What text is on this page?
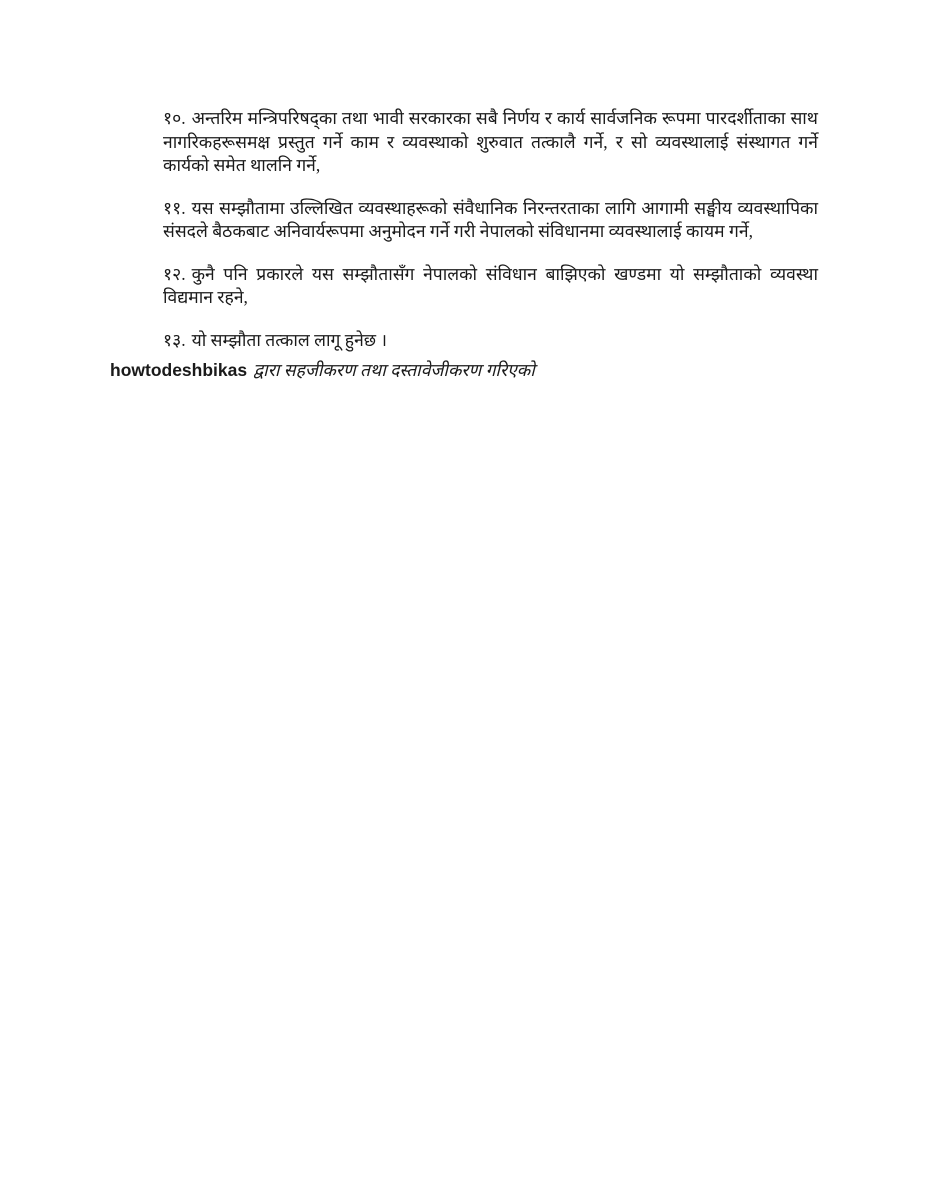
१०. अन्तरिम मन्त्रिपरिषद्का तथा भावी सरकारका सबै निर्णय र कार्य सार्वजनिक रूपमा पारदर्शीताका साथ नागरिकहरूसमक्ष प्रस्तुत गर्ने काम र व्यवस्थाको शुरुवात तत्कालै गर्ने, र सो व्यवस्थालाई संस्थागत गर्ने कार्यको समेत थालनि गर्ने,

११. यस सम्झौतामा उल्लिखित व्यवस्थाहरूको संवैधानिक निरन्तरताका लागि आगामी सङ्घीय व्यवस्थापिका संसदले बैठकबाट अनिवार्यरूपमा अनुमोदन गर्ने गरी नेपालको संविधानमा व्यवस्थालाई कायम गर्ने,

१२. कुनै पनि प्रकारले यस सम्झौतासँग नेपालको संविधान बाझिएको खण्डमा यो सम्झौताको व्यवस्था विद्यमान रहने,

१३. यो सम्झौता तत्काल लागू हुनेछ ।

howtodeshbikas द्वारा सहजीकरण तथा दस्तावेजीकरण गरिएको
